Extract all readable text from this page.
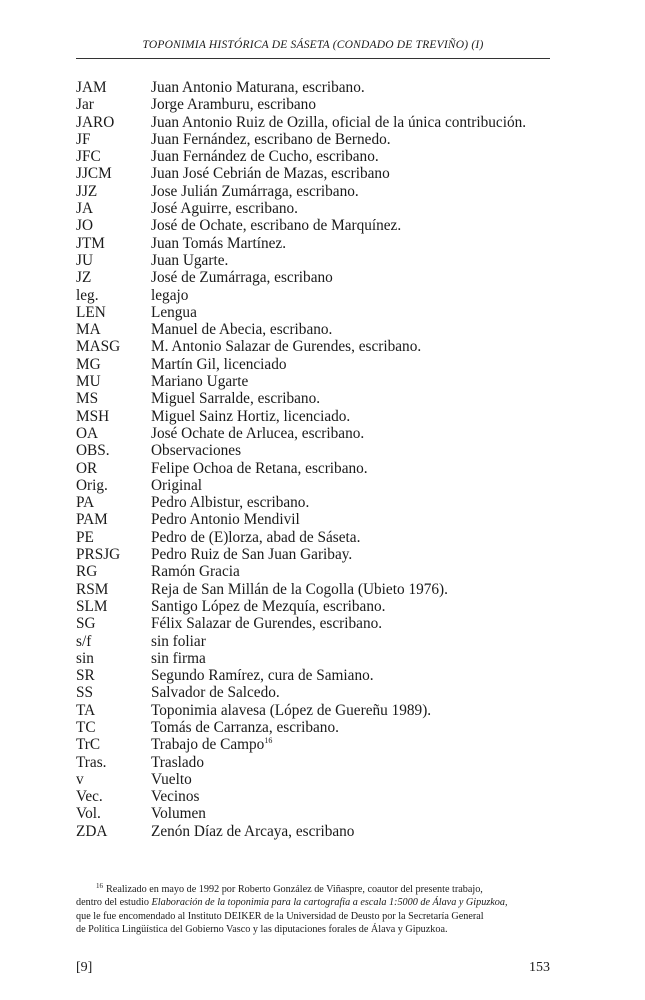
TOPONIMIA HISTÓRICA DE SÁSETA (CONDADO DE TREVIÑO) (I)
JAM	Juan Antonio Maturana, escribano.
Jar	Jorge Aramburu, escribano
JARO	Juan Antonio Ruiz de Ozilla, oficial de la única contribución.
JF	Juan Fernández, escribano de Bernedo.
JFC	Juan Fernández de Cucho, escribano.
JJCM	Juan José Cebrián de Mazas, escribano
JJZ	Jose Julián Zumárraga, escribano.
JA	José Aguirre, escribano.
JO	José de Ochate, escribano de Marquínez.
JTM	Juan Tomás Martínez.
JU	Juan Ugarte.
JZ	José de Zumárraga, escribano
leg.	legajo
LEN	Lengua
MA	Manuel de Abecia, escribano.
MASG	M. Antonio Salazar de Gurendes, escribano.
MG	Martín Gil, licenciado
MU	Mariano Ugarte
MS	Miguel Sarralde, escribano.
MSH	Miguel Sainz Hortiz, licenciado.
OA	José Ochate de Arlucea, escribano.
OBS.	Observaciones
OR	Felipe Ochoa de Retana, escribano.
Orig.	Original
PA	Pedro Albistur, escribano.
PAM	Pedro Antonio Mendivil
PE	Pedro de (E)lorza, abad de Sáseta.
PRSJG	Pedro Ruiz de San Juan Garibay.
RG	Ramón Gracia
RSM	Reja de San Millán de la Cogolla (Ubieto 1976).
SLM	Santigo López de Mezquía, escribano.
SG	Félix Salazar de Gurendes, escribano.
s/f	sin foliar
sin	sin firma
SR	Segundo Ramírez, cura de Samiano.
SS	Salvador de Salcedo.
TA	Toponimia alavesa (López de Guereñu 1989).
TC	Tomás de Carranza, escribano.
TrC	Trabajo de Campo$^{16}$
Tras.	Traslado
v	Vuelto
Vec.	Vecinos
Vol.	Volumen
ZDA	Zenón Díaz de Arcaya, escribano
$^{16}$ Realizado en mayo de 1992 por Roberto González de Viñaspre, coautor del presente trabajo,
dentro del estudio Elaboración de la toponimia para la cartografía a escala 1:5000 de Álava y Gipuzkoa,
que le fue encomendado al Instituto DEIKER de la Universidad de Deusto por la Secretaría General
de Política Lingüística del Gobierno Vasco y las diputaciones forales de Álava y Gipuzkoa.
[9]	153
